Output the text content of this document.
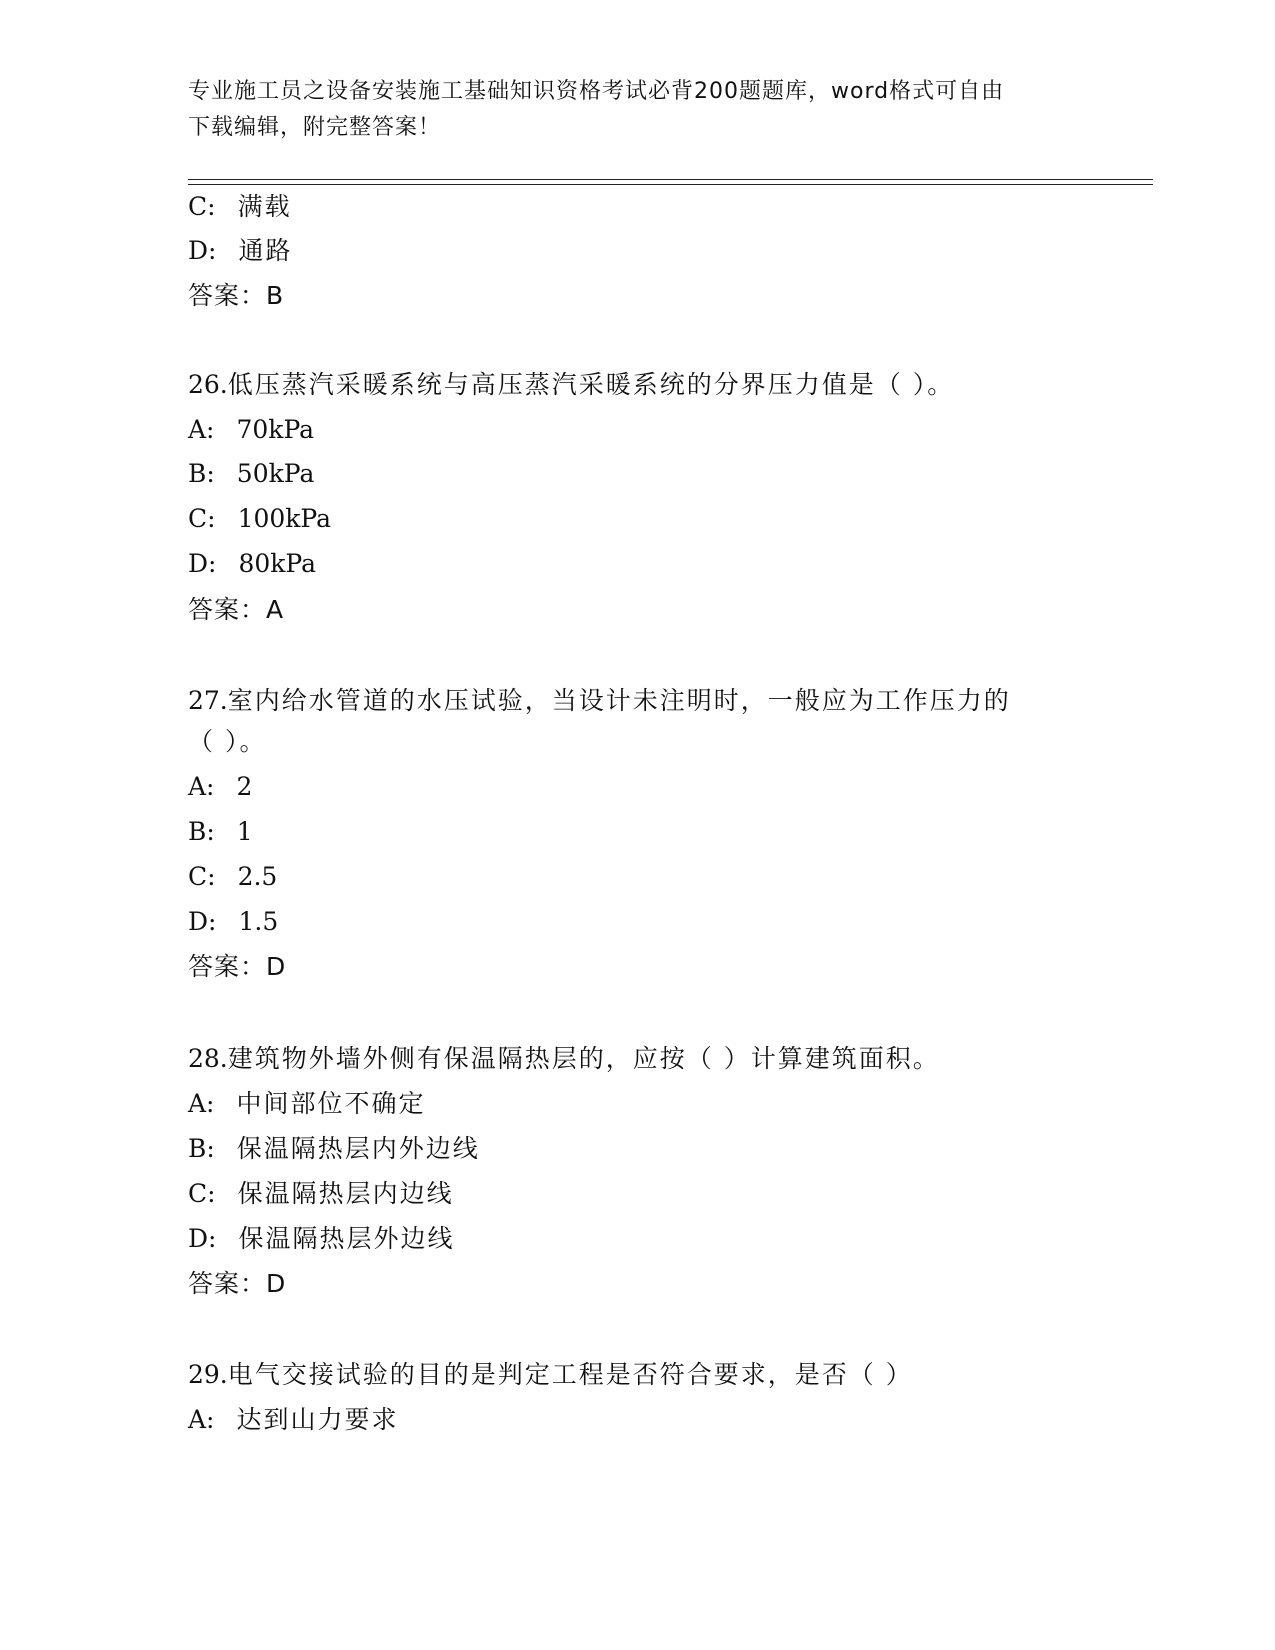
专业施工员之设备安装施工基础知识资格考试必背200题题库，word格式可自由
下载编辑，附完整答案！
C: 满载
D: 通路
答案：B
26.低压蒸汽采暖系统与高压蒸汽采暖系统的分界压力值是（ ）。
A: 70kPa
B: 50kPa
C: 100kPa
D: 80kPa
答案：A
27.室内给水管道的水压试验，当设计未注明时，一般应为工作压力的
（ ）。
A: 2
B: 1
C: 2.5
D: 1.5
答案：D
28.建筑物外墙外侧有保温隔热层的，应按（ ）计算建筑面积。
A: 中间部位不确定
B: 保温隔热层内外边线
C: 保温隔热层内边线
D: 保温隔热层外边线
答案：D
29.电气交接试验的目的是判定工程是否符合要求，是否（ ）
A: 达到山力要求
